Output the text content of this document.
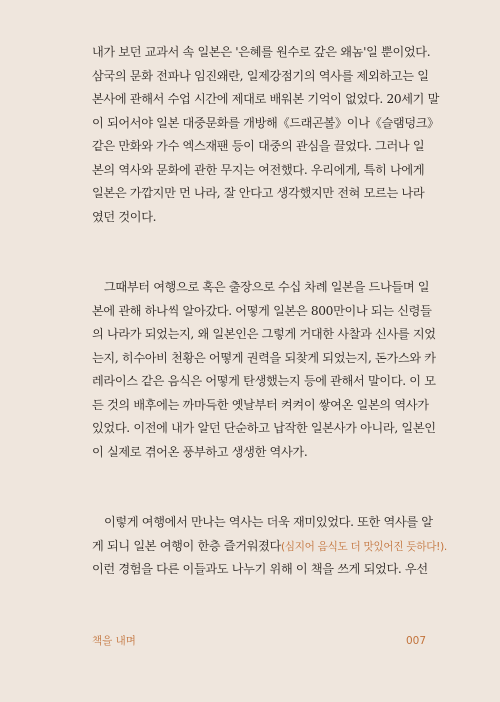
내가 보던 교과서 속 일본은 '은혜를 원수로 갚은 왜놈'일 뿐이었다.
삼국의 문화 전파나 임진왜란, 일제강점기의 역사를 제외하고는 일
본사에 관해서 수업 시간에 제대로 배워본 기억이 없었다. 20세기 말
이 되어서야 일본 대중문화를 개방해《드래곤볼》이나《슬램덩크》
같은 만화와 가수 엑스재팬 등이 대중의 관심을 끌었다. 그러나 일
본의 역사와 문화에 관한 무지는 여전했다. 우리에게, 특히 나에게
일본은 가깝지만 먼 나라, 잘 안다고 생각했지만 전혀 모르는 나라
였던 것이다.
그때부터 여행으로 혹은 출장으로 수십 차례 일본을 드나들며 일
본에 관해 하나씩 알아갔다. 어떻게 일본은 800만이나 되는 신령들
의 나라가 되었는지, 왜 일본인은 그렇게 거대한 사찰과 신사를 지었
는지, 히수아비 천황은 어떻게 권력을 되찾게 되었는지, 돈가스와 카
레라이스 같은 음식은 어떻게 탄생했는지 등에 관해서 말이다. 이 모
든 것의 배후에는 까마득한 옛날부터 켜켜이 쌓여온 일본의 역사가
있었다. 이전에 내가 알던 단순하고 납작한 일본사가 아니라, 일본인
이 실제로 겪어온 풍부하고 생생한 역사가.
이렇게 여행에서 만나는 역사는 더욱 재미있었다. 또한 역사를 알
게 되니 일본 여행이 한층 즐거워졌다(심지어 음식도 더 맛있어진 듯하다!).
이런 경험을 다른 이들과도 나누기 위해 이 책을 쓰게 되었다. 우선
책을 내며	007
